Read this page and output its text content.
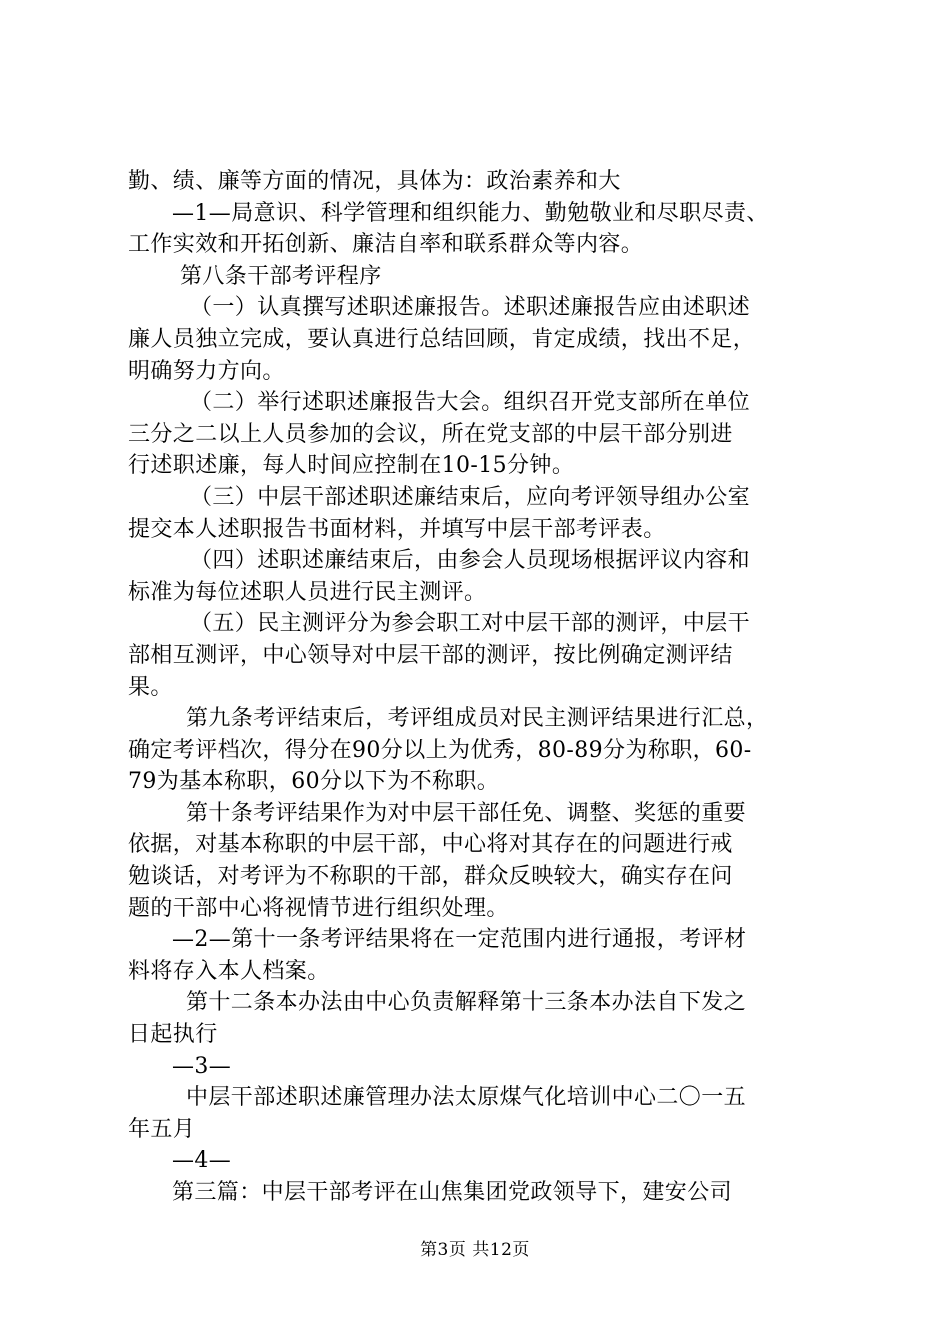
勤、绩、廉等方面的情况，具体为：政治素养和大
—1—局意识、科学管理和组织能力、勤勉敬业和尽职尽责、
工作实效和开拓创新、廉洁自率和联系群众等内容。
第八条干部考评程序
（一）认真撰写述职述廉报告。述职述廉报告应由述职述
廉人员独立完成，要认真进行总结回顾，肯定成绩，找出不足，
明确努力方向。
（二）举行述职述廉报告大会。组织召开党支部所在单位
三分之二以上人员参加的会议，所在党支部的中层干部分别进
行述职述廉，每人时间应控制在10-15分钟。
（三）中层干部述职述廉结束后，应向考评领导组办公室
提交本人述职报告书面材料，并填写中层干部考评表。
（四）述职述廉结束后，由参会人员现场根据评议内容和
标准为每位述职人员进行民主测评。
（五）民主测评分为参会职工对中层干部的测评，中层干
部相互测评，中心领导对中层干部的测评，按比例确定测评结
果。
第九条考评结束后，考评组成员对民主测评结果进行汇总，
确定考评档次，得分在90分以上为优秀，80-89分为称职，60-
79为基本称职，60分以下为不称职。
第十条考评结果作为对中层干部任免、调整、奖惩的重要
依据，对基本称职的中层干部，中心将对其存在的问题进行戒
勉谈话，对考评为不称职的干部，群众反映较大，确实存在问
题的干部中心将视情节进行组织处理。
—2—第十一条考评结果将在一定范围内进行通报，考评材
料将存入本人档案。
第十二条本办法由中心负责解释第十三条本办法自下发之
日起执行
—3—
中层干部述职述廉管理办法太原煤气化培训中心二〇一五
年五月
—4—
第三篇：中层干部考评在山焦集团党政领导下，建安公司
第3页 共12页
